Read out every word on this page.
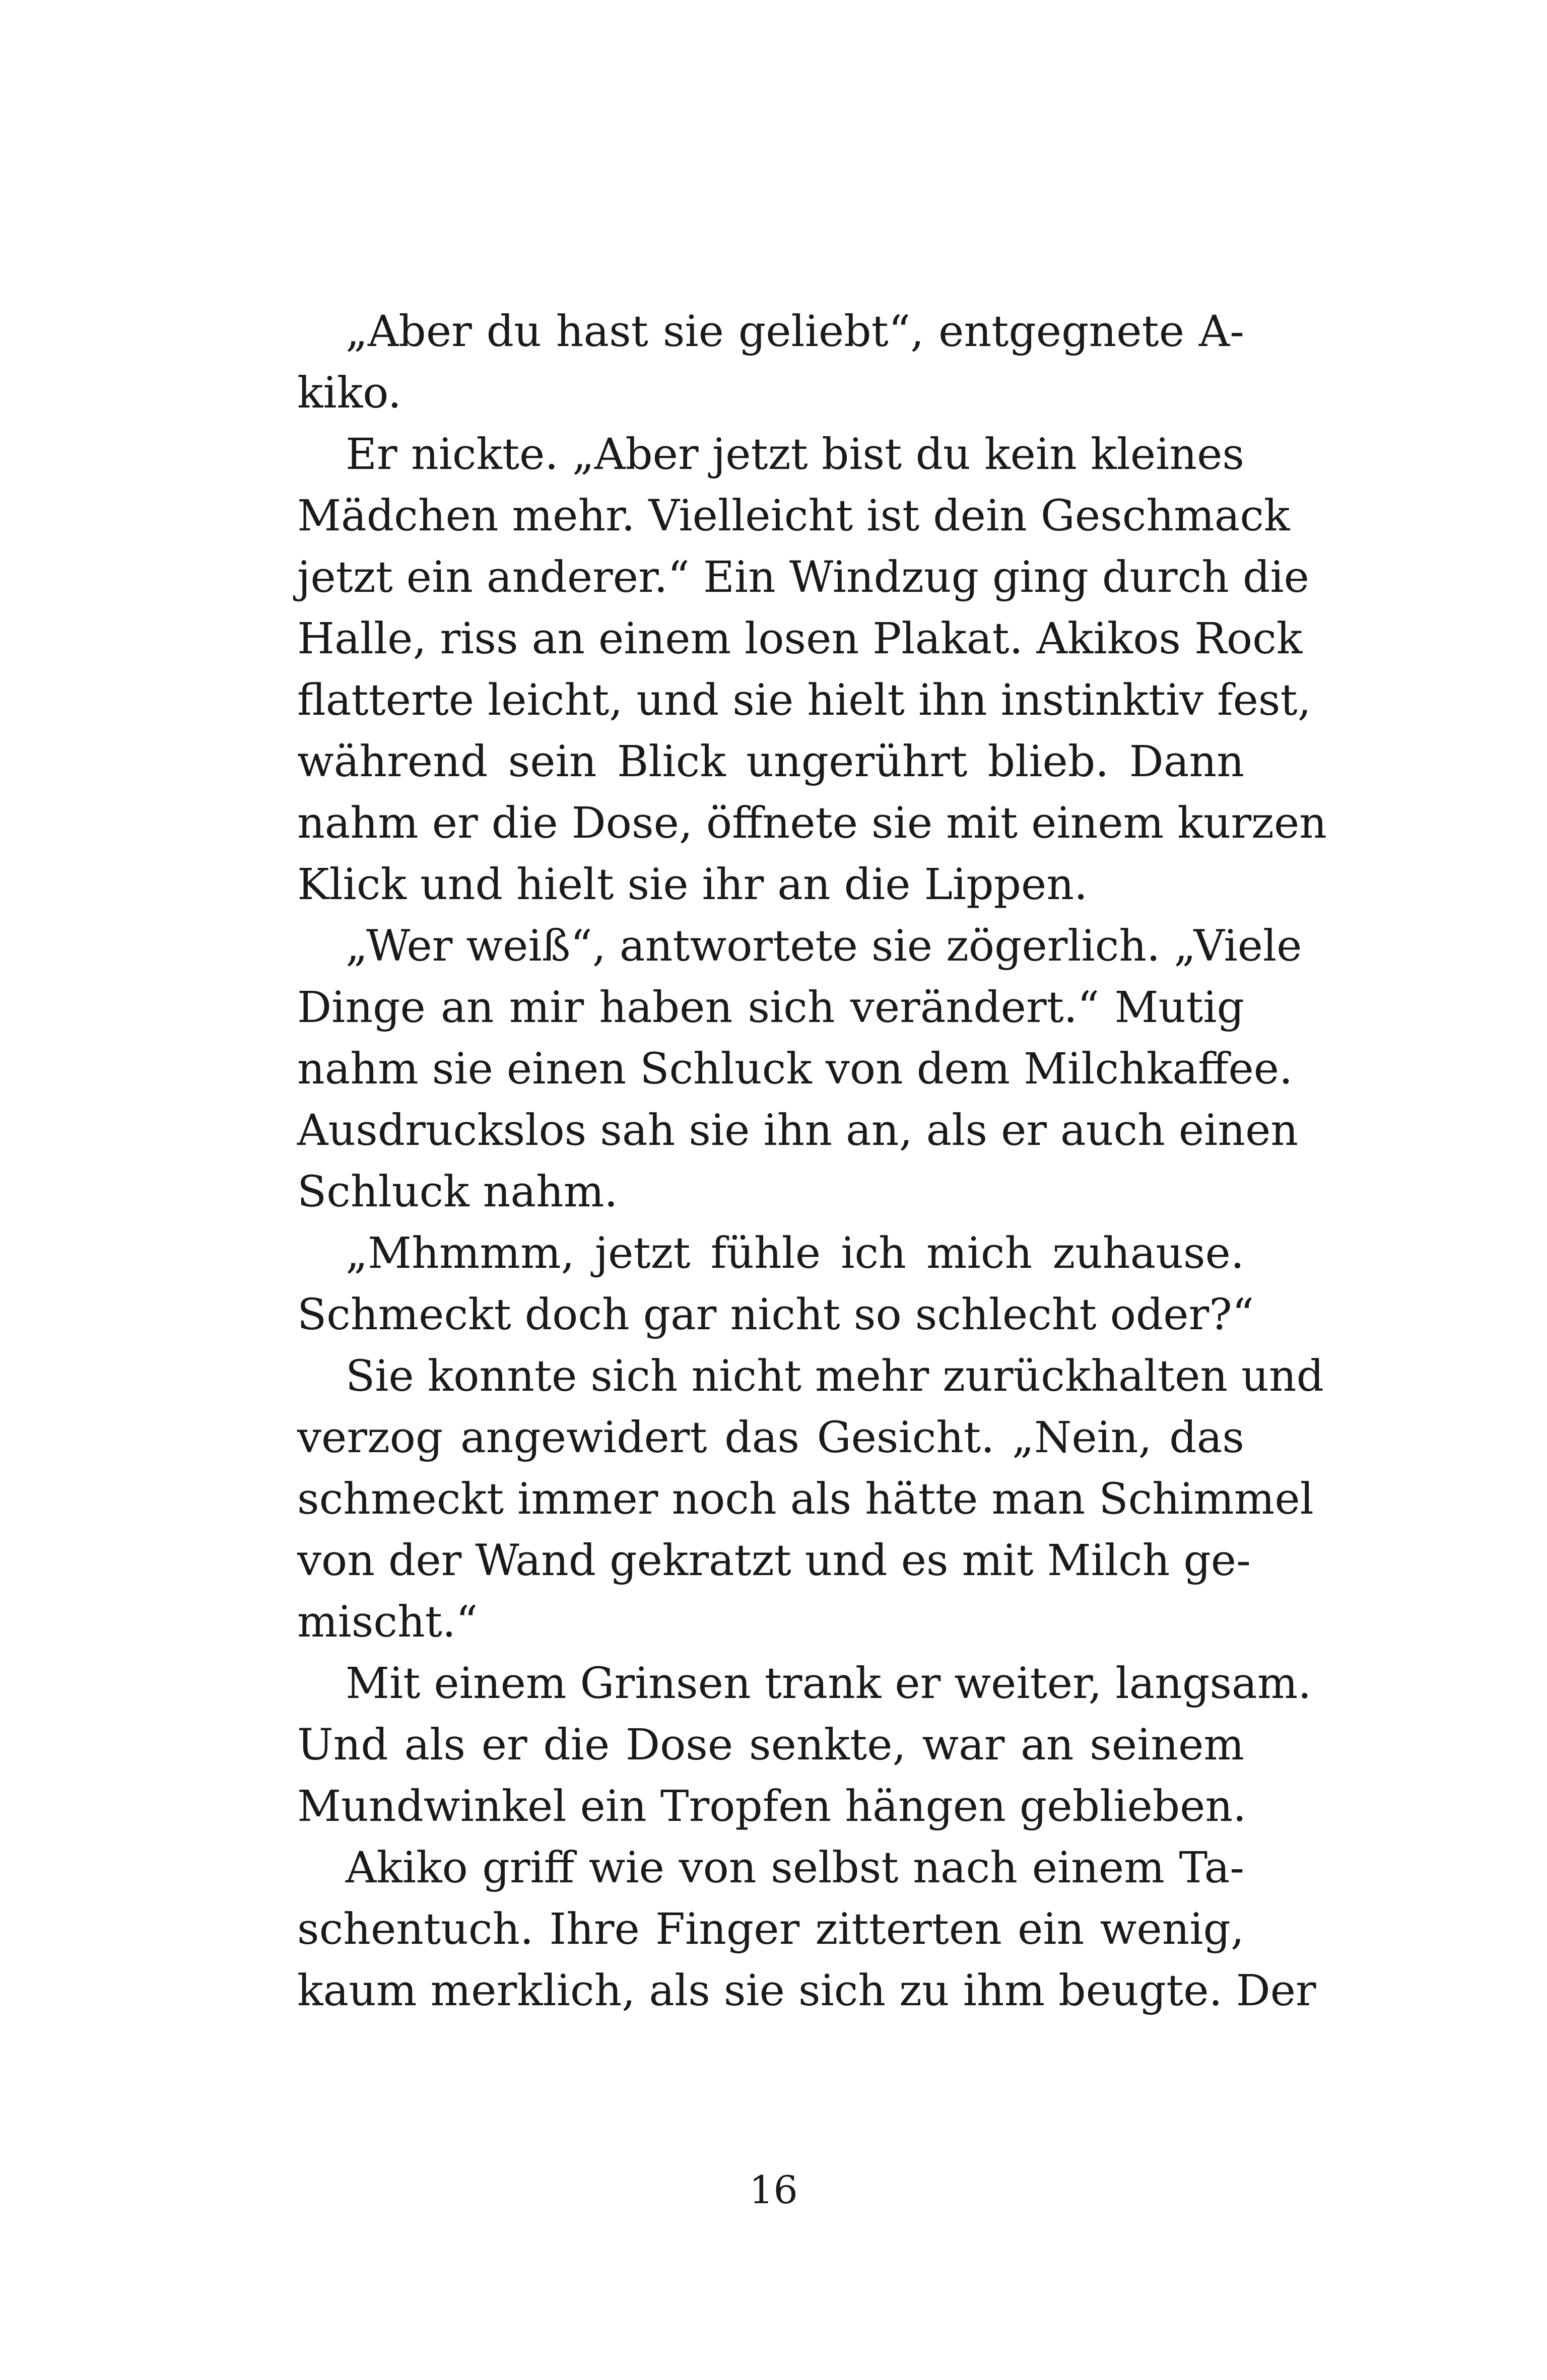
„Aber du hast sie geliebt“, entgegnete A-
kiko.
Er nickte. „Aber jetzt bist du kein kleines
Mädchen mehr. Vielleicht ist dein Geschmack
jetzt ein anderer.“ Ein Windzug ging durch die
Halle, riss an einem losen Plakat. Akikos Rock
flatterte leicht, und sie hielt ihn instinktiv fest,
während sein Blick ungerührt blieb. Dann
nahm er die Dose, öffnete sie mit einem kurzen
Klick und hielt sie ihr an die Lippen.
„Wer weiß“, antwortete sie zögerlich. „Viele
Dinge an mir haben sich verändert.“ Mutig
nahm sie einen Schluck von dem Milchkaffee.
Ausdruckslos sah sie ihn an, als er auch einen
Schluck nahm.
„Mhmmm, jetzt fühle ich mich zuhause.
Schmeckt doch gar nicht so schlecht oder?“
Sie konnte sich nicht mehr zurückhalten und
verzog angewidert das Gesicht. „Nein, das
schmeckt immer noch als hätte man Schimmel
von der Wand gekratzt und es mit Milch ge-
mischt.“
Mit einem Grinsen trank er weiter, langsam.
Und als er die Dose senkte, war an seinem
Mundwinkel ein Tropfen hängen geblieben.
Akiko griff wie von selbst nach einem Ta-
schentuch. Ihre Finger zitterten ein wenig,
kaum merklich, als sie sich zu ihm beugte. Der
16
